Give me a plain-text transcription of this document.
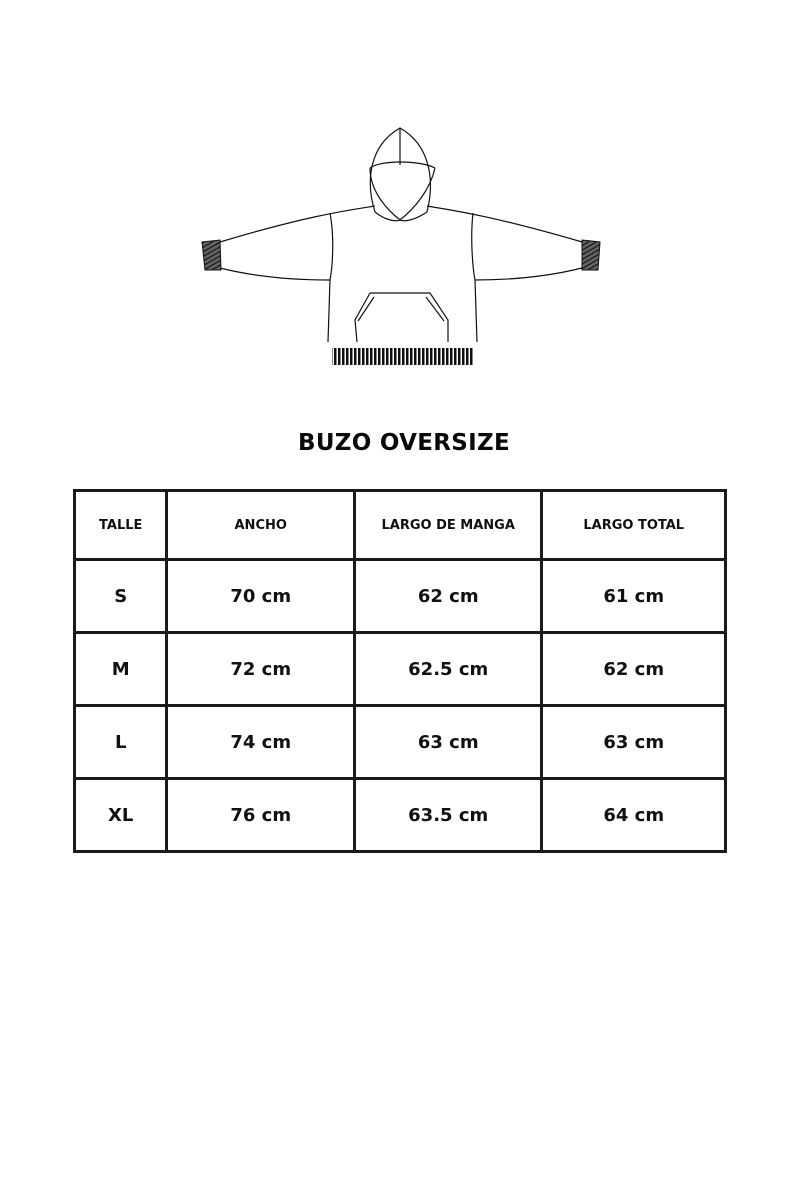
BUZO OVERSIZE
TALLE	ANCHO	LARGO DE MANGA	LARGO TOTAL
S	70 cm	62 cm	61 cm
M	72 cm	62.5 cm	62 cm
L	74 cm	63 cm	63 cm
XL	76 cm	63.5 cm	64 cm
